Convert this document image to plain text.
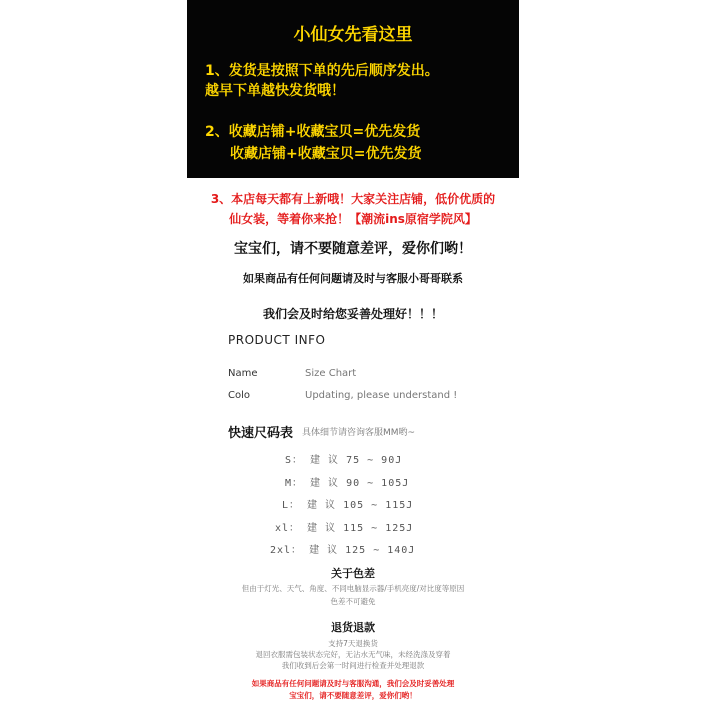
小仙女先看这里
1、发货是按照下单的先后顺序发出。
越早下单越快发货哦！
2、收藏店铺+收藏宝贝=优先发货
收藏店铺+收藏宝贝=优先发货
3、本店每天都有上新哦！大家关注店铺，低价优质的
仙女装，等着你来抢！【潮流ins原宿学院风】
宝宝们，请不要随意差评，爱你们哟！
如果商品有任何问题请及时与客服小哥哥联系
我们会及时给您妥善处理好！！！
PRODUCT INFO
Name	Size Chart
Colo	Updating, please understand !
快速尺码表 具体细节请咨询客服MM哟~
S： 建 议 75 ~ 90J
M： 建 议 90 ~ 105J
L： 建 议 105 ~ 115J
xl： 建 议 115 ~ 125J
2xl： 建 议 125 ~ 140J
关于色差
但由于灯光、天气、角度、不同电脑显示器/手机亮度/对比度等原因
色差不可避免
退货退款
支持7天退换货
退回衣服需包装状态完好，无沾水无气味，未经洗涤及穿着
我们收到后会第一时间进行检查并处理退款
如果商品有任何问题请及时与客服沟通，我们会及时妥善处理
宝宝们，请不要随意差评，爱你们哟！
